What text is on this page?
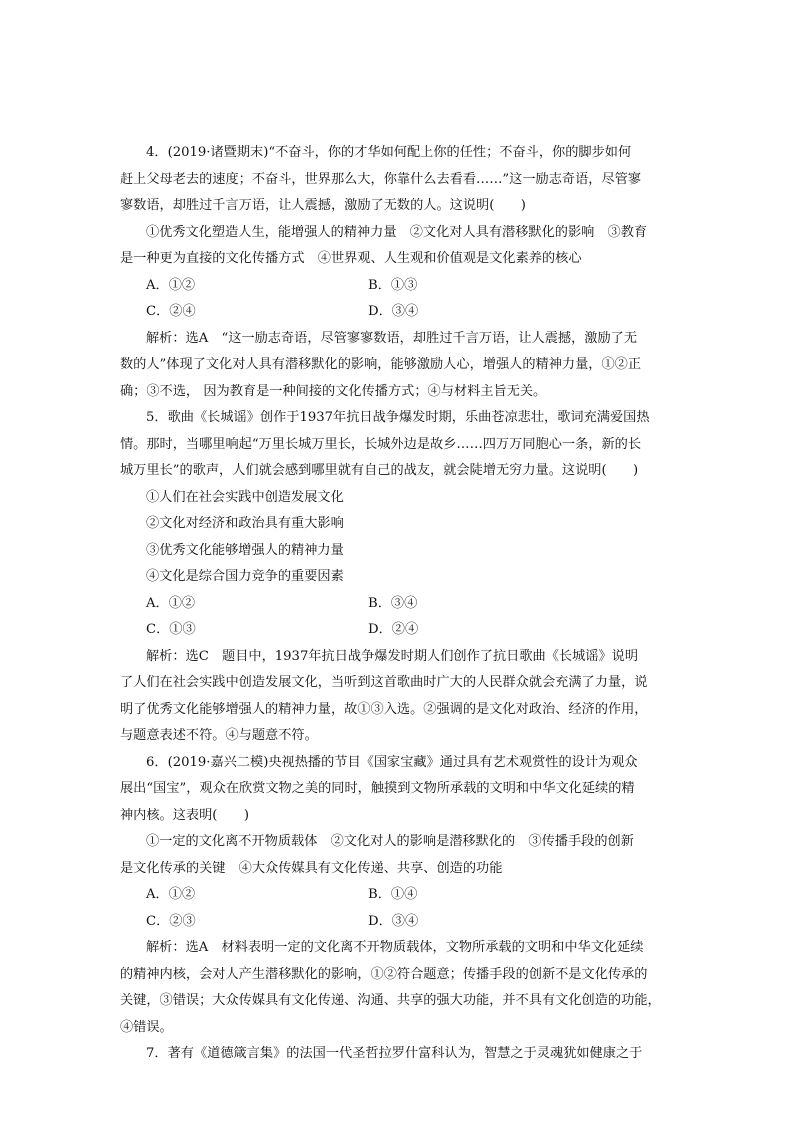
4．(2019·诸暨期末)“不奋斗，你的才华如何配上你的任性；不奋斗，你的脚步如何
赶上父母老去的速度；不奋斗，世界那么大，你靠什么去看看……”这一励志奇语，尽管寥
寥数语，却胜过千言万语，让人震撼，激励了无数的人。这说明(　　)
①优秀文化塑造人生，能增强人的精神力量　②文化对人具有潜移默化的影响　③教育
是一种更为直接的文化传播方式　④世界观、人生观和价值观是文化素养的核心
A．①②	B．①③
C．②④	D．③④
解析：选A　“这一励志奇语，尽管寥寥数语，却胜过千言万语，让人震撼，激励了无
数的人”体现了文化对人具有潜移默化的影响，能够激励人心，增强人的精神力量，①②正
确；③不选， 因为教育是一种间接的文化传播方式；④与材料主旨无关。
5．歌曲《长城谣》创作于1937年抗日战争爆发时期，乐曲苍凉悲壮，歌词充满爱国热
情。那时，当哪里响起“万里长城万里长，长城外边是故乡……四万万同胞心一条，新的长
城万里长”的歌声，人们就会感到哪里就有自己的战友，就会陡增无穷力量。这说明(　　)
①人们在社会实践中创造发展文化
②文化对经济和政治具有重大影响
③优秀文化能够增强人的精神力量
④文化是综合国力竞争的重要因素
A．①②	B．③④
C．①③	D．②④
解析：选C　题目中，1937年抗日战争爆发时期人们创作了抗日歌曲《长城谣》说明
了人们在社会实践中创造发展文化，当听到这首歌曲时广大的人民群众就会充满了力量，说
明了优秀文化能够增强人的精神力量，故①③入选。②强调的是文化对政治、经济的作用，
与题意表述不符。④与题意不符。
6．(2019·嘉兴二模)央视热播的节目《国家宝藏》通过具有艺术观赏性的设计为观众
展出“国宝”，观众在欣赏文物之美的同时，触摸到文物所承载的文明和中华文化延续的精
神内核。这表明(　　)
①一定的文化离不开物质载体　②文化对人的影响是潜移默化的　③传播手段的创新
是文化传承的关键　④大众传媒具有文化传递、共享、创造的功能
A．①②	B．①④
C．②③	D．③④
解析：选A　材料表明一定的文化离不开物质载体，文物所承载的文明和中华文化延续
的精神内核，会对人产生潜移默化的影响，①②符合题意；传播手段的创新不是文化传承的
关键，③错误；大众传媒具有文化传递、沟通、共享的强大功能，并不具有文化创造的功能，
④错误。
7．著有《道德箴言集》的法国一代圣哲拉罗什富科认为，智慧之于灵魂犹如健康之于
